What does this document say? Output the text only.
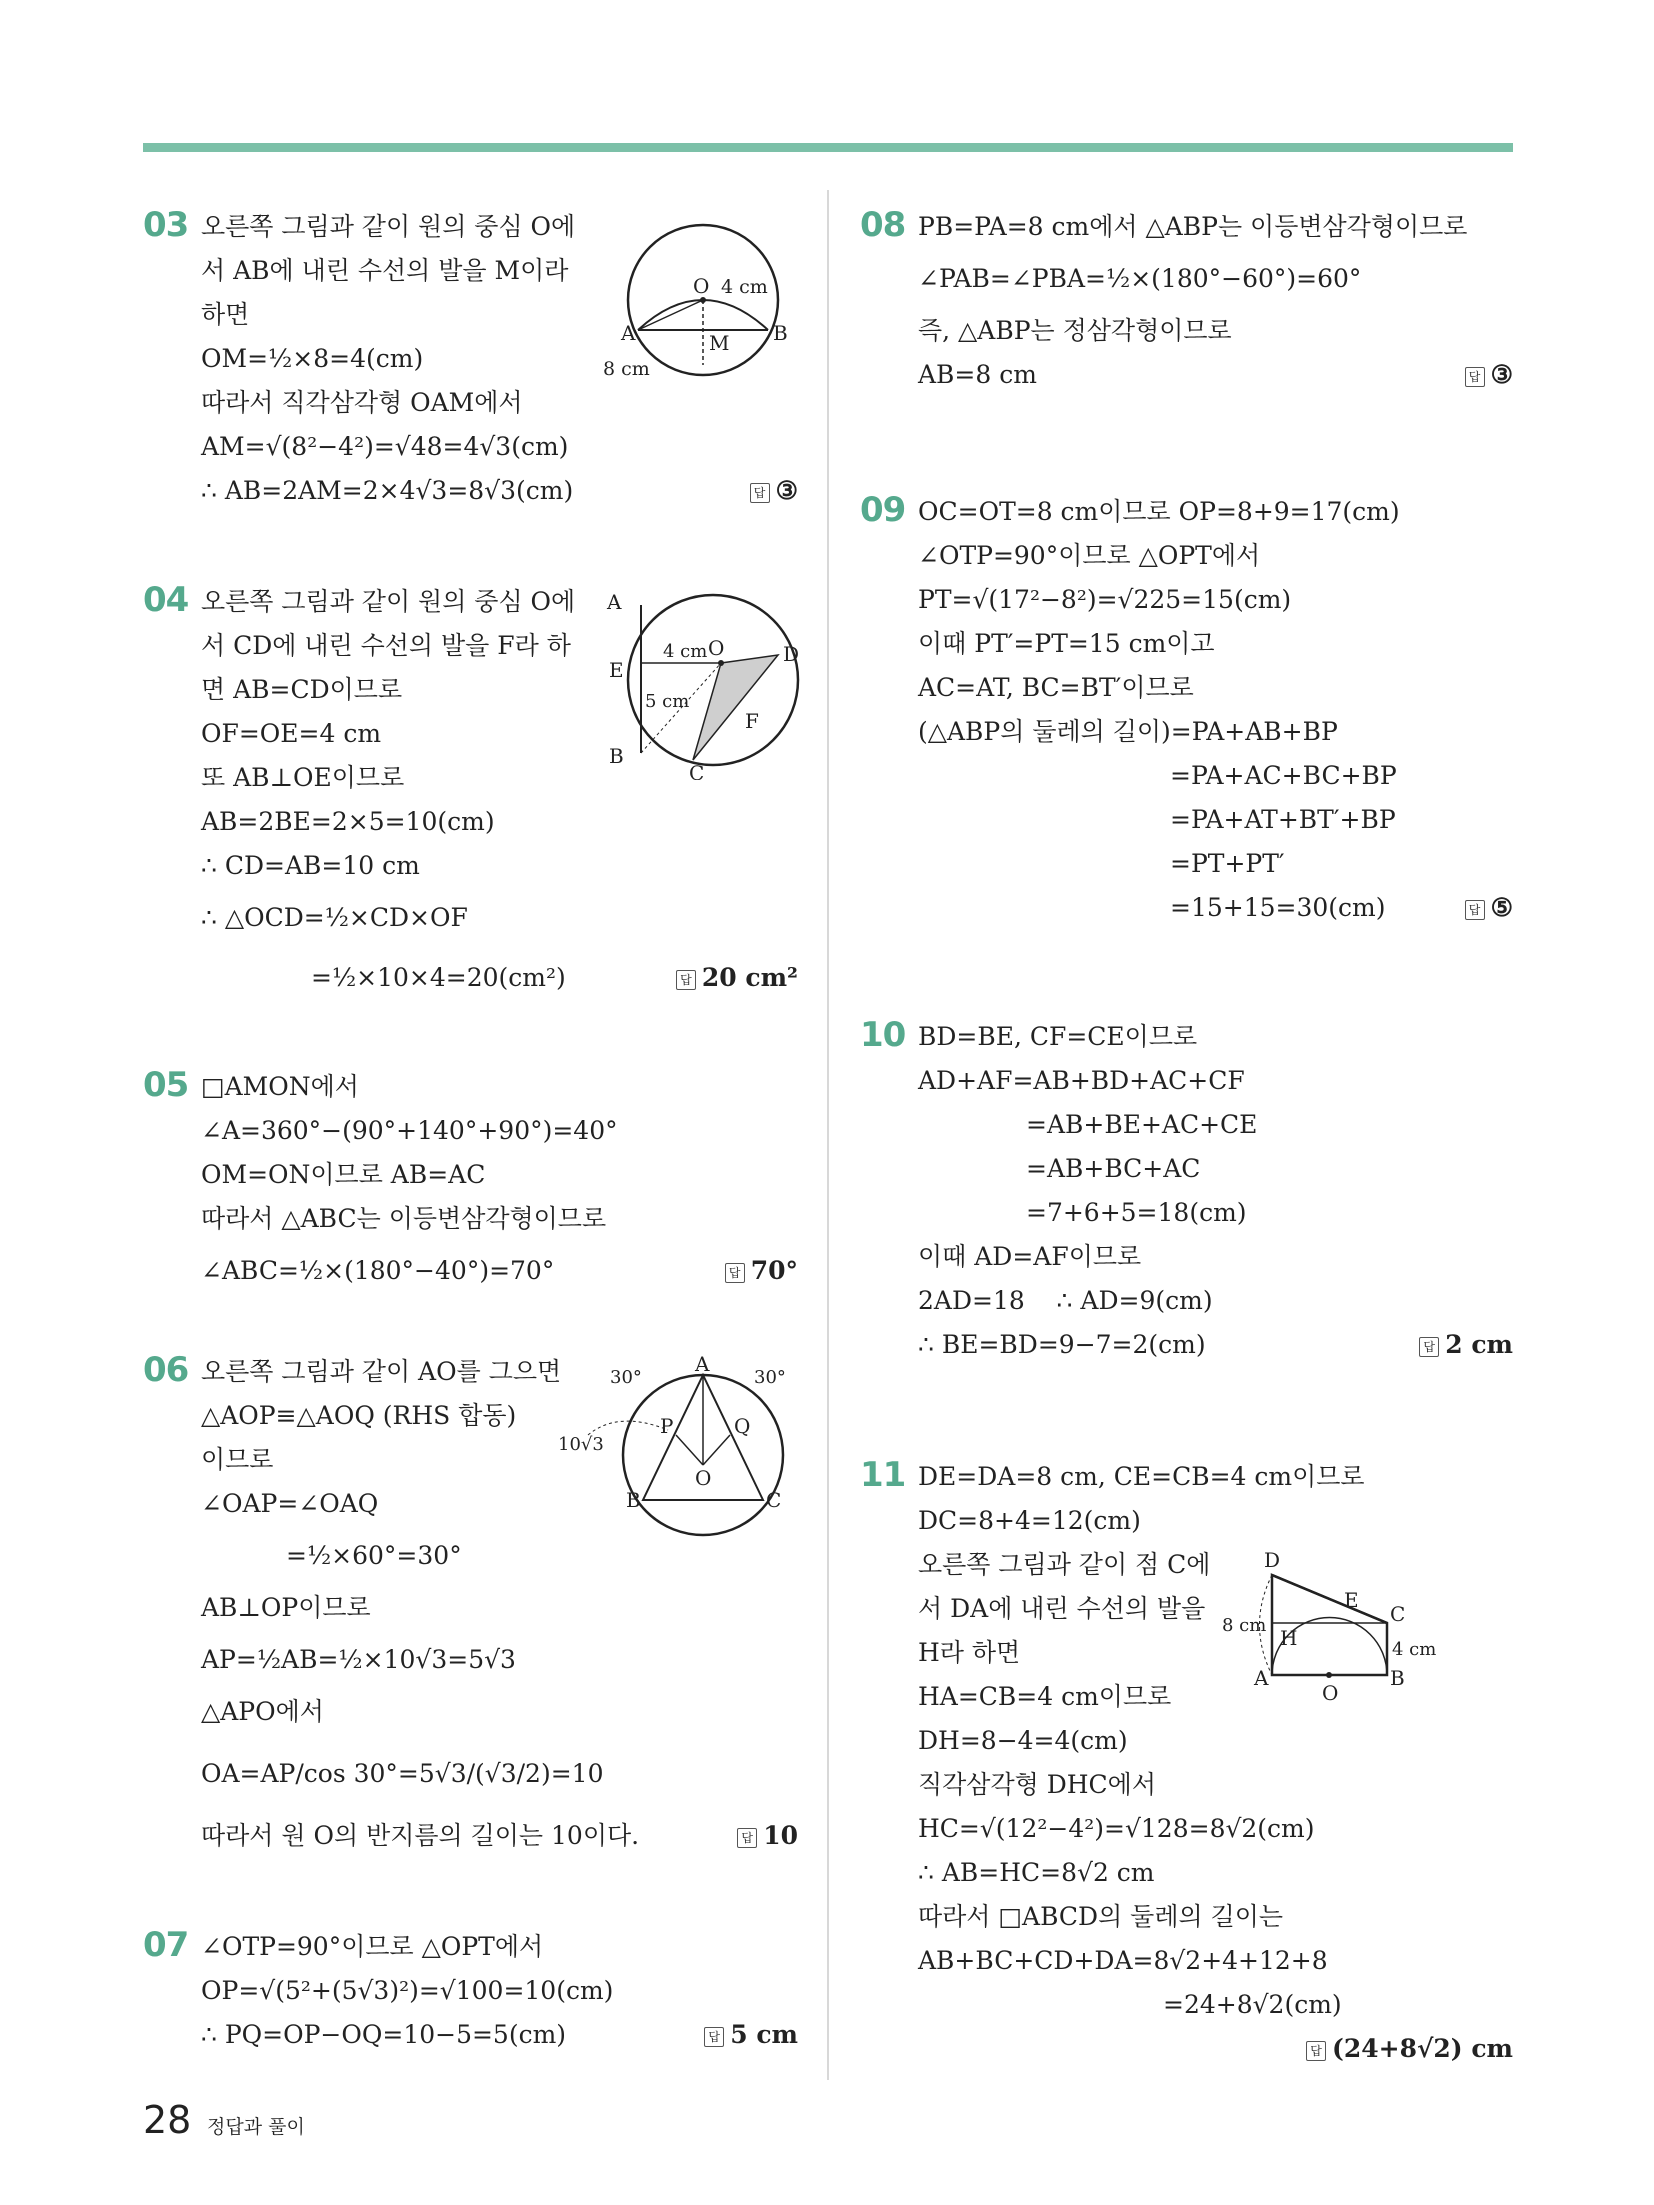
03 오른쪽 그림과 같이 원의 중심 O에
서 AB에 내린 수선의 발을 M이라
하면
OM=½×8=4(cm)
따라서 직각삼각형 OAM에서
AM=√(8²−4²)=√48=4√3(cm)
∴ AB=2AM=2×4√3=8√3(cm)	답 ③
O 4 cm
A	M B
8 cm
04 오른쪽 그림과 같이 원의 중심 O에
서 CD에 내린 수선의 발을 F라 하
면 AB=CD이므로
OF=OE=4 cm
또 AB⊥OE이므로
AB=2BE=2×5=10(cm)
∴ CD=AB=10 cm
∴ △OCD=½×CD×OF
=½×10×4=20(cm²)	답 20 cm²
A
4 cm O	D
E
5 cm
F
B
C
05 □AMON에서
∠A=360°−(90°+140°+90°)=40°
OM=ON이므로 AB=AC
따라서 △ABC는 이등변삼각형이므로
∠ABC=½×(180°−40°)=70°	답 70°
06 오른쪽 그림과 같이 AO를 그으면
△AOP≡△AOQ (RHS 합동)
이므로
∠OAP=∠OAQ
=½×60°=30°
AB⊥OP이므로
AP=½AB=½×10√3=5√3
△APO에서
OA=AP/cos 30°=5√3/(√3/2)=10
따라서 원 O의 반지름의 길이는 10이다.	답 10
30°
A
30°
P	Q
10√3
O
B	C
07 ∠OTP=90°이므로 △OPT에서
OP=√(5²+(5√3)²)=√100=10(cm)
∴ PQ=OP−OQ=10−5=5(cm)	답 5 cm
08 PB=PA=8 cm에서 △ABP는 이등변삼각형이므로
∠PAB=∠PBA=½×(180°−60°)=60°
즉, △ABP는 정삼각형이므로
AB=8 cm	답 ③
09 OC=OT=8 cm이므로 OP=8+9=17(cm)
∠OTP=90°이므로 △OPT에서
PT=√(17²−8²)=√225=15(cm)
이때 PT′=PT=15 cm이고
AC=AT, BC=BT′이므로
(△ABP의 둘레의 길이)=PA+AB+BP
=PA+AC+BC+BP
=PA+AT+BT′+BP
=PT+PT′
=15+15=30(cm)	답 ⑤
10 BD=BE, CF=CE이므로
AD+AF=AB+BD+AC+CF
=AB+BE+AC+CE
=AB+BC+AC
=7+6+5=18(cm)
이때 AD=AF이므로
2AD=18    ∴ AD=9(cm)
∴ BE=BD=9−7=2(cm)	답 2 cm
11 DE=DA=8 cm, CE=CB=4 cm이므로
DC=8+4=12(cm)
오른쪽 그림과 같이 점 C에
서 DA에 내린 수선의 발을
H라 하면
HA=CB=4 cm이므로
DH=8−4=4(cm)
직각삼각형 DHC에서
HC=√(12²−4²)=√128=8√2(cm)
∴ AB=HC=8√2 cm
따라서 □ABCD의 둘레의 길이는
AB+BC+CD+DA=8√2+4+12+8
=24+8√2(cm)
답 (24+8√2) cm
D
E
8 cm	C
H	4 cm
A
O
B
28 정답과 풀이
